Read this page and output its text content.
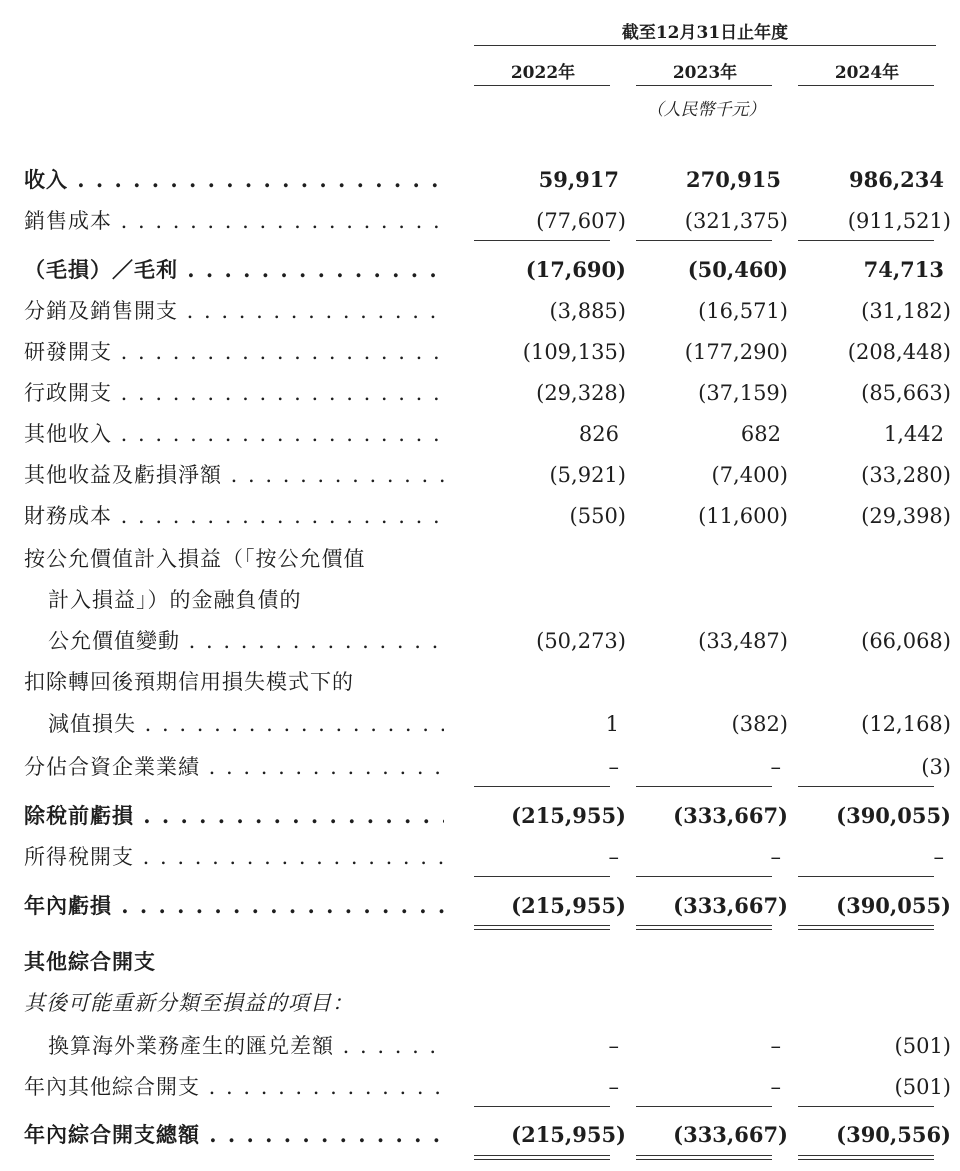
截至12月31日止年度
2022年	2023年	2024年
（人民幣千元）
收入 . . .	59,917	270,915	986,234
銷售成本 . . .	(77,607)	(321,375)	(911,521)
（毛損）／毛利 . . .	(17,690)	(50,460)	74,713
分銷及銷售開支 . . .	(3,885)	(16,571)	(31,182)
研發開支 . . .	(109,135)	(177,290)	(208,448)
行政開支 . . .	(29,328)	(37,159)	(85,663)
其他收入 . . .	826	682	1,442
其他收益及虧損淨額 . . .	(5,921)	(7,400)	(33,280)
財務成本 . . .	(550)	(11,600)	(29,398)
按公允價值計入損益（「按公允價值
計入損益」）的金融負債的
公允價值變動 . . .	(50,273)	(33,487)	(66,068)
扣除轉回後預期信用損失模式下的
減值損失 . . .	1	(382)	(12,168)
分佔合資企業業績 . . .	–	–	(3)
除稅前虧損 . . .	(215,955) (333,667) (390,055)
所得稅開支 . . .	–	–	–
年內虧損 . . .	(215,955) (333,667) (390,055)
其他綜合開支
其後可能重新分類至損益的項目：
換算海外業務產生的匯兑差額 . . .	–	–	(501)
年內其他綜合開支 . . .	–	–	(501)
年內綜合開支總額 . . .	(215,955) (333,667) (390,556)
